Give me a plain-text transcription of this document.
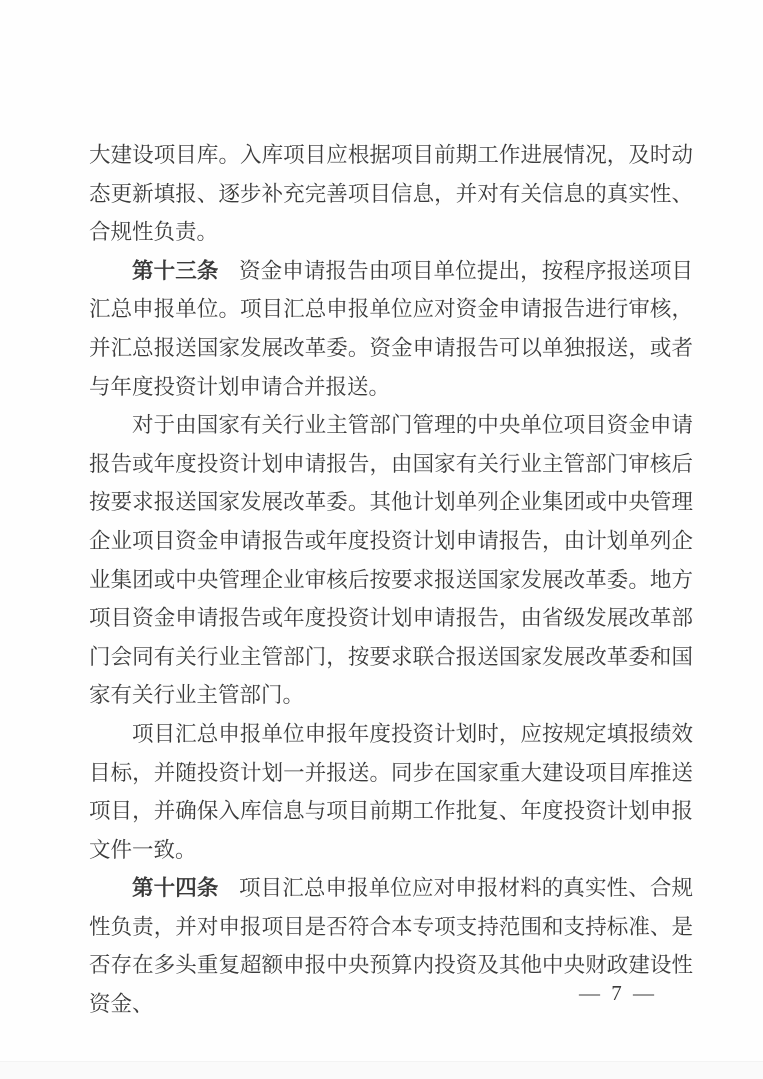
大建设项目库。入库项目应根据项目前期工作进展情况，及时动态更新填报、逐步补充完善项目信息，并对有关信息的真实性、合规性负责。

第十三条 资金申请报告由项目单位提出，按程序报送项目汇总申报单位。项目汇总申报单位应对资金申请报告进行审核，并汇总报送国家发展改革委。资金申请报告可以单独报送，或者与年度投资计划申请合并报送。

对于由国家有关行业主管部门管理的中央单位项目资金申请报告或年度投资计划申请报告，由国家有关行业主管部门审核后按要求报送国家发展改革委。其他计划单列企业集团或中央管理企业项目资金申请报告或年度投资计划申请报告，由计划单列企业集团或中央管理企业审核后按要求报送国家发展改革委。地方项目资金申请报告或年度投资计划申请报告，由省级发展改革部门会同有关行业主管部门，按要求联合报送国家发展改革委和国家有关行业主管部门。

项目汇总申报单位申报年度投资计划时，应按规定填报绩效目标，并随投资计划一并报送。同步在国家重大建设项目库推送项目，并确保入库信息与项目前期工作批复、年度投资计划申报文件一致。

第十四条 项目汇总申报单位应对申报材料的真实性、合规性负责，并对申报项目是否符合本专项支持范围和支持标准、是否存在多头重复超额申报中央预算内投资及其他中央财政建设性资金、	— 7 —
